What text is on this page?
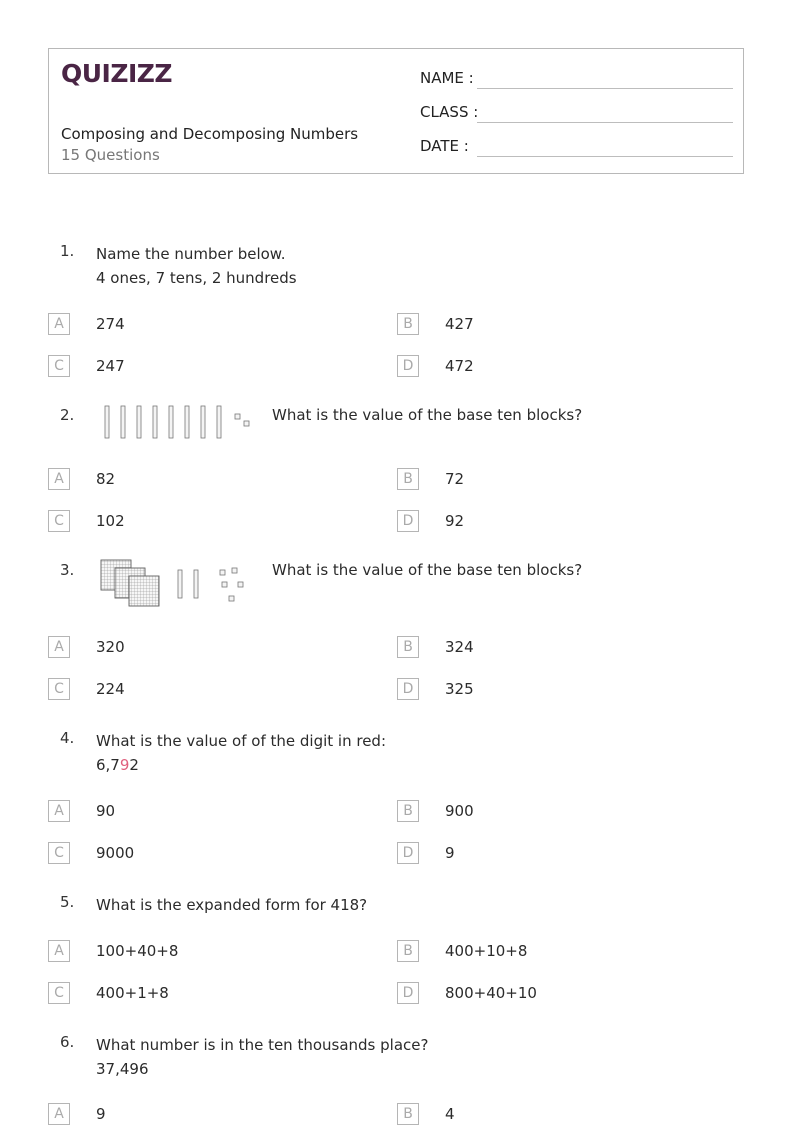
QUIZIZZ
Composing and Decomposing Numbers
15 Questions
NAME :
CLASS :
DATE :
1. Name the number below.
4 ones, 7 tens, 2 hundreds
A	274	B	427
C	247	D	472
2.	What is the value of the base ten blocks?
A	82	B	72
C	102	D	92
3.	What is the value of the base ten blocks?
A	320	B	324
C	224	D	325
4. What is the value of of the digit in red:
6,792
A	90	B	900
C	9000	D	9
5. What is the expanded form for 418?
A	100+40+8	B	400+10+8
C	400+1+8	D	800+40+10
6. What number is in the ten thousands place?
37,496
A	9	B	4
